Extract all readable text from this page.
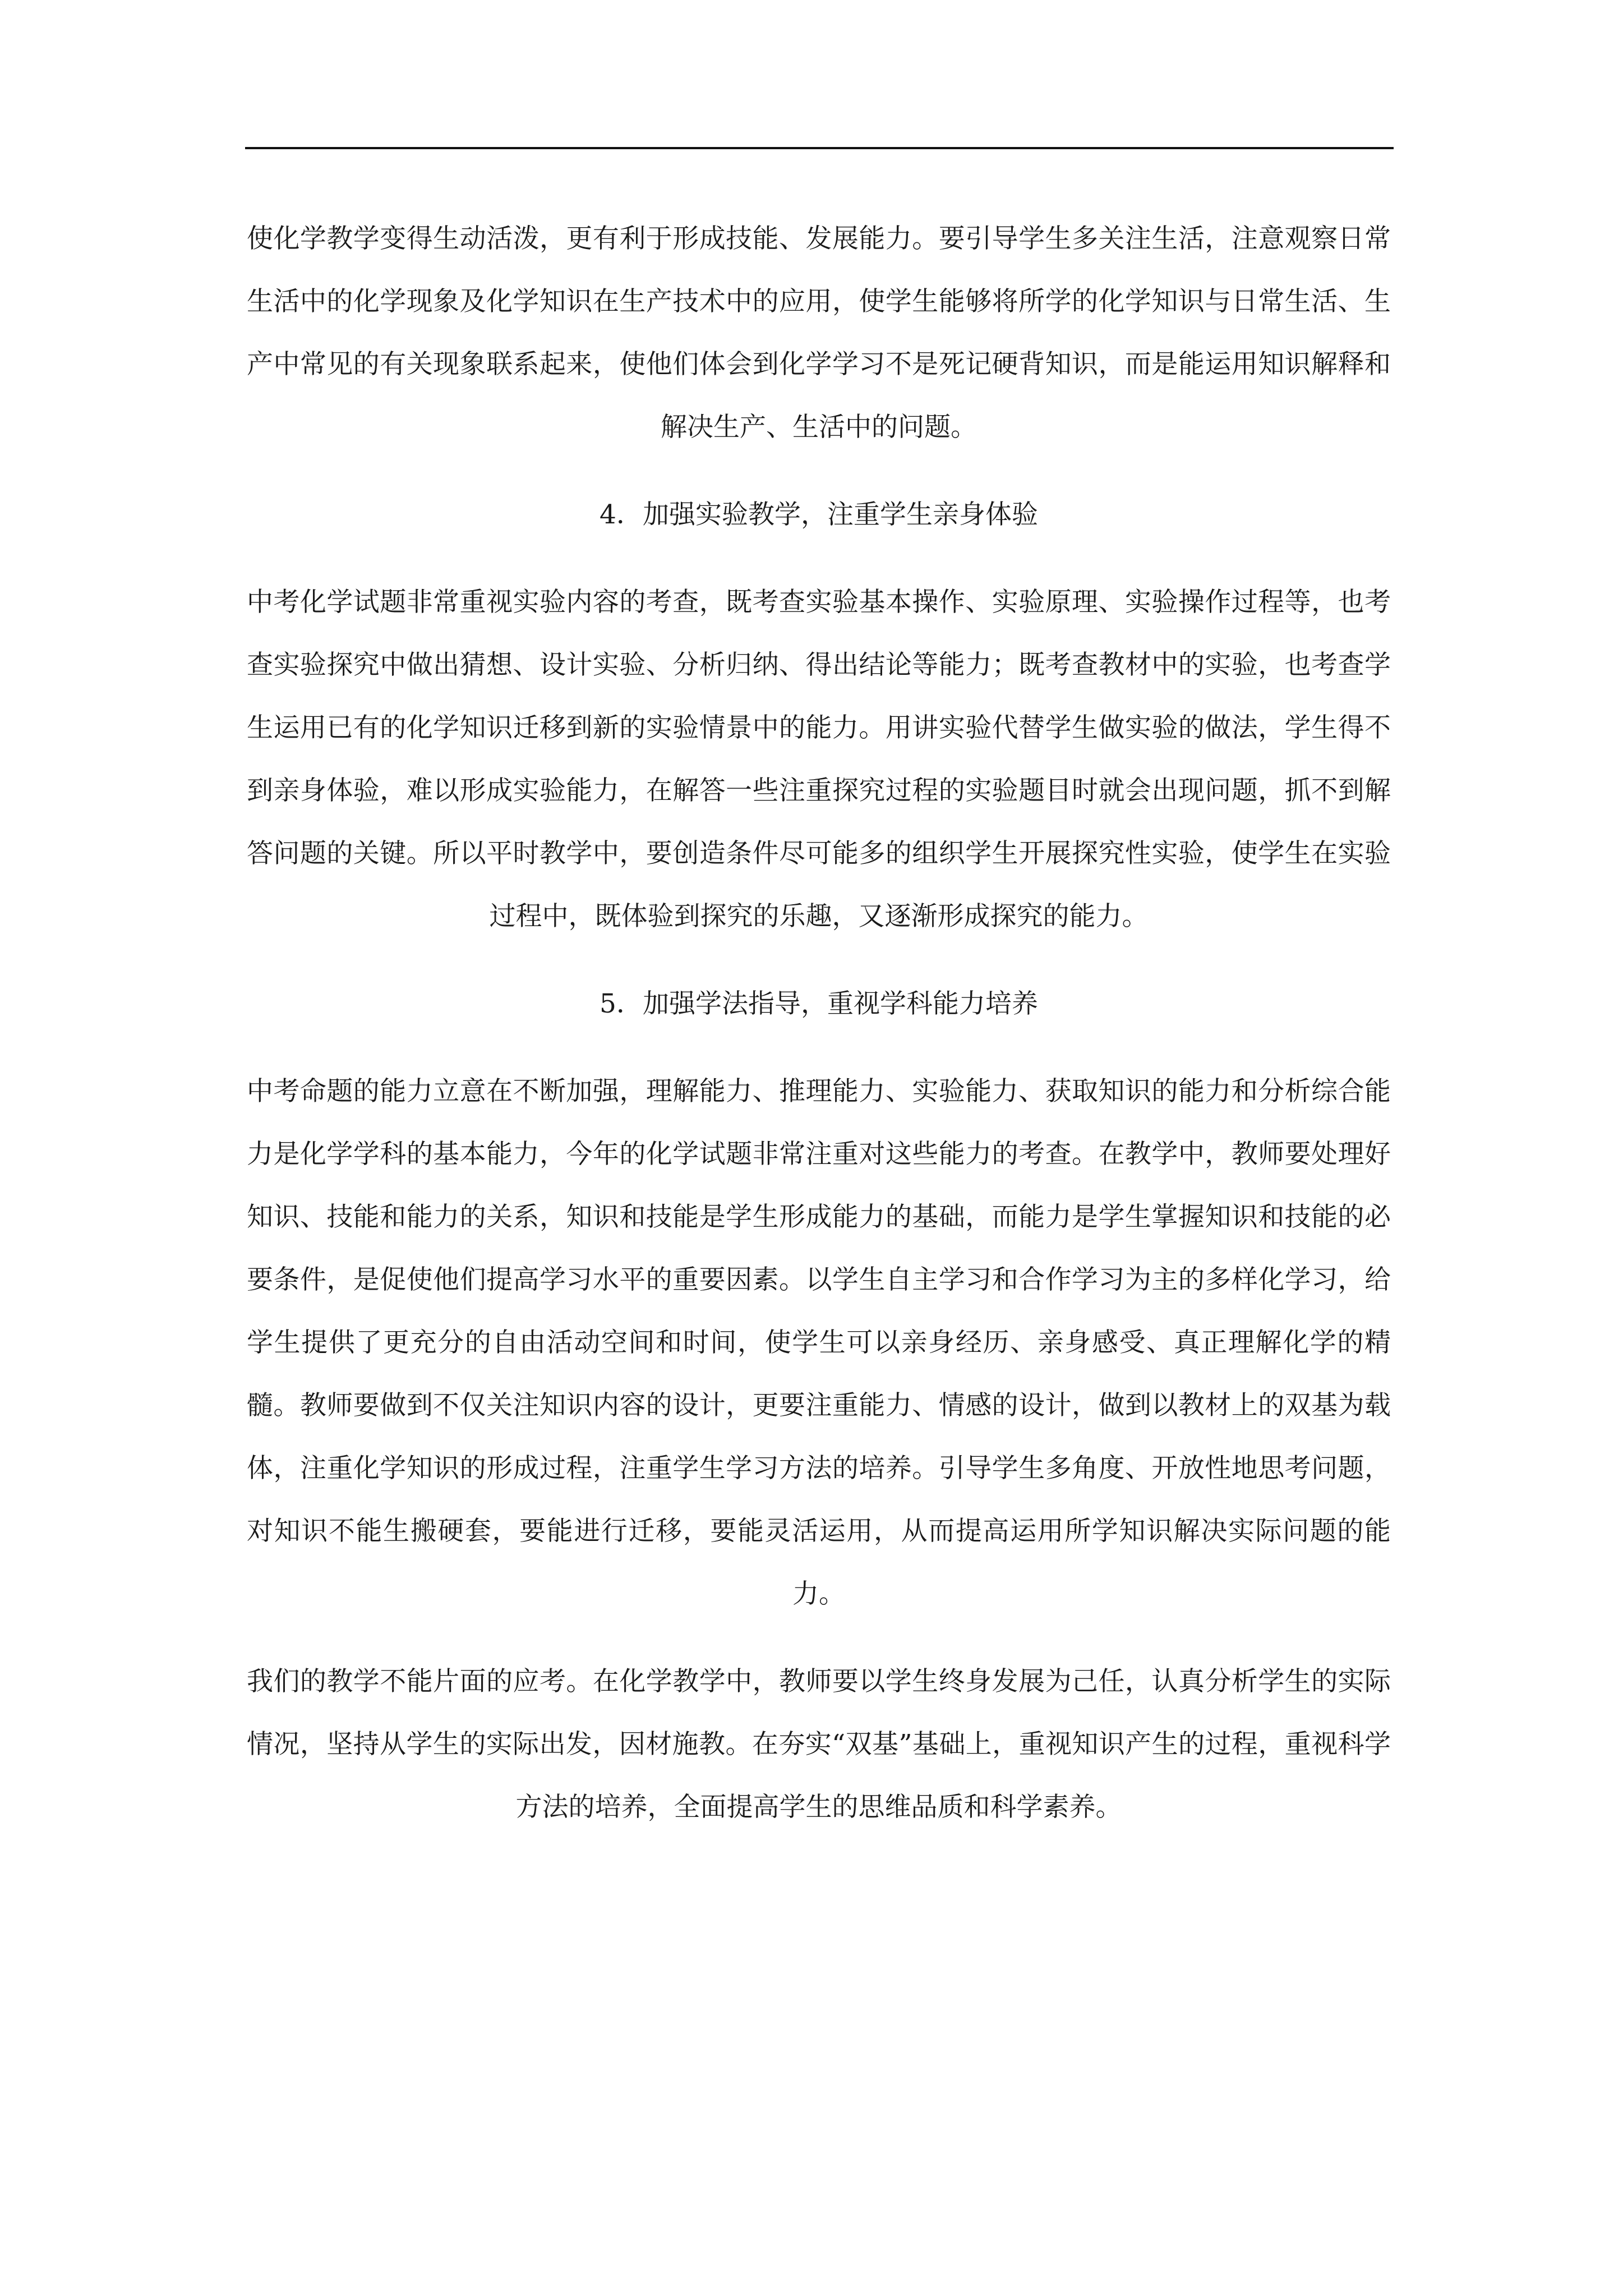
使化学教学变得生动活泼，更有利于形成技能、发展能力。要引导学生多关注生活，注意观察日常生活中的化学现象及化学知识在生产技术中的应用，使学生能够将所学的化学知识与日常生活、生产中常见的有关现象联系起来，使他们体会到化学学习不是死记硬背知识，而是能运用知识解释和解决生产、生活中的问题。

4．加强实验教学，注重学生亲身体验

中考化学试题非常重视实验内容的考查，既考查实验基本操作、实验原理、实验操作过程等，也考查实验探究中做出猜想、设计实验、分析归纳、得出结论等能力；既考查教材中的实验，也考查学生运用已有的化学知识迁移到新的实验情景中的能力。用讲实验代替学生做实验的做法，学生得不到亲身体验，难以形成实验能力，在解答一些注重探究过程的实验题目时就会出现问题，抓不到解答问题的关键。所以平时教学中，要创造条件尽可能多的组织学生开展探究性实验，使学生在实验过程中，既体验到探究的乐趣，又逐渐形成探究的能力。

5．加强学法指导，重视学科能力培养

中考命题的能力立意在不断加强，理解能力、推理能力、实验能力、获取知识的能力和分析综合能力是化学学科的基本能力，今年的化学试题非常注重对这些能力的考查。在教学中，教师要处理好知识、技能和能力的关系，知识和技能是学生形成能力的基础，而能力是学生掌握知识和技能的必要条件，是促使他们提高学习水平的重要因素。以学生自主学习和合作学习为主的多样化学习，给学生提供了更充分的自由活动空间和时间，使学生可以亲身经历、亲身感受、真正理解化学的精髓。教师要做到不仅关注知识内容的设计，更要注重能力、情感的设计，做到以教材上的双基为载体，注重化学知识的形成过程，注重学生学习方法的培养。引导学生多角度、开放性地思考问题，对知识不能生搬硬套，要能进行迁移，要能灵活运用，从而提高运用所学知识解决实际问题的能力。

我们的教学不能片面的应考。在化学教学中，教师要以学生终身发展为己任，认真分析学生的实际情况，坚持从学生的实际出发，因材施教。在夯实“双基”基础上，重视知识产生的过程，重视科学方法的培养，全面提高学生的思维品质和科学素养。
